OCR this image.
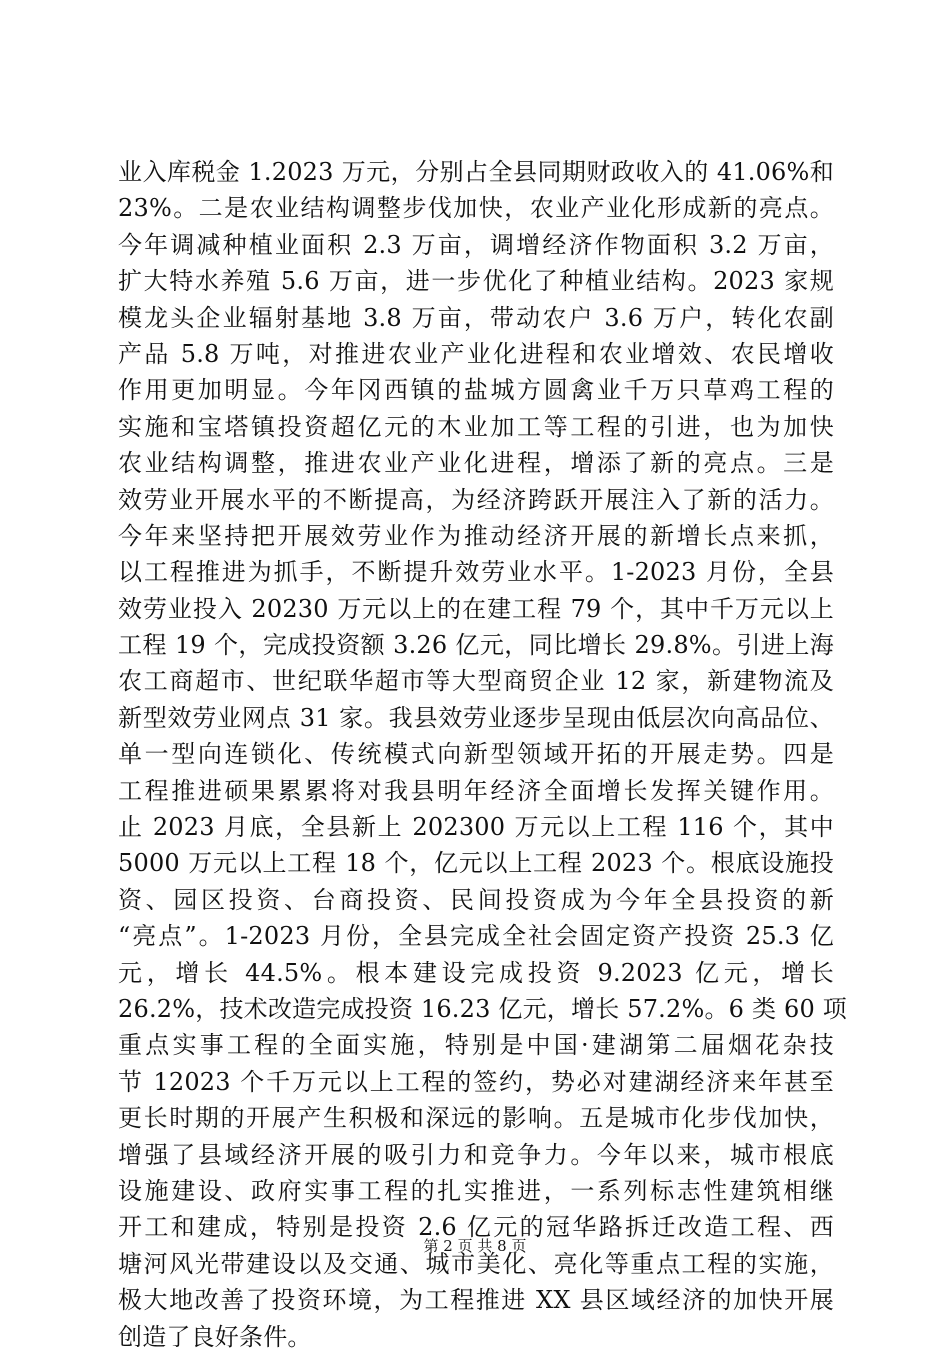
业入库税金 1.2023 万元，分别占全县同期财政收入的 41.06%和
23%。二是农业结构调整步伐加快，农业产业化形成新的亮点。
今年调减种植业面积 2.3 万亩，调增经济作物面积 3.2 万亩，
扩大特水养殖 5.6 万亩，进一步优化了种植业结构。2023 家规
模龙头企业辐射基地 3.8 万亩，带动农户 3.6 万户，转化农副
产品 5.8 万吨，对推进农业产业化进程和农业增效、农民增收
作用更加明显。今年冈西镇的盐城方圆禽业千万只草鸡工程的
实施和宝塔镇投资超亿元的木业加工等工程的引进，也为加快
农业结构调整，推进农业产业化进程，增添了新的亮点。三是
效劳业开展水平的不断提高，为经济跨跃开展注入了新的活力。
今年来坚持把开展效劳业作为推动经济开展的新增长点来抓，
以工程推进为抓手，不断提升效劳业水平。1-2023 月份，全县
效劳业投入 20230 万元以上的在建工程 79 个，其中千万元以上
工程 19 个，完成投资额 3.26 亿元，同比增长 29.8%。引进上海
农工商超市、世纪联华超市等大型商贸企业 12 家，新建物流及
新型效劳业网点 31 家。我县效劳业逐步呈现由低层次向高品位、
单一型向连锁化、传统模式向新型领域开拓的开展走势。四是
工程推进硕果累累将对我县明年经济全面增长发挥关键作用。
止 2023 月底，全县新上 202300 万元以上工程 116 个，其中
5000 万元以上工程 18 个，亿元以上工程 2023 个。根底设施投
资、园区投资、台商投资、民间投资成为今年全县投资的新
“亮点”。1-2023 月份，全县完成全社会固定资产投资 25.3 亿
元，增长 44.5%。根本建设完成投资 9.2023 亿元，增长
26.2%，技术改造完成投资 16.23 亿元，增长 57.2%。6 类 60 项
重点实事工程的全面实施，特别是中国·建湖第二届烟花杂技
节 12023 个千万元以上工程的签约，势必对建湖经济来年甚至
更长时期的开展产生积极和深远的影响。五是城市化步伐加快，
增强了县域经济开展的吸引力和竞争力。今年以来，城市根底
设施建设、政府实事工程的扎实推进，一系列标志性建筑相继
开工和建成，特别是投资 2.6 亿元的冠华路拆迁改造工程、西
塘河风光带建设以及交通、城市美化、亮化等重点工程的实施，
极大地改善了投资环境，为工程推进 XX 县区域经济的加快开展
创造了良好条件。
第 2 页 共 8 页
